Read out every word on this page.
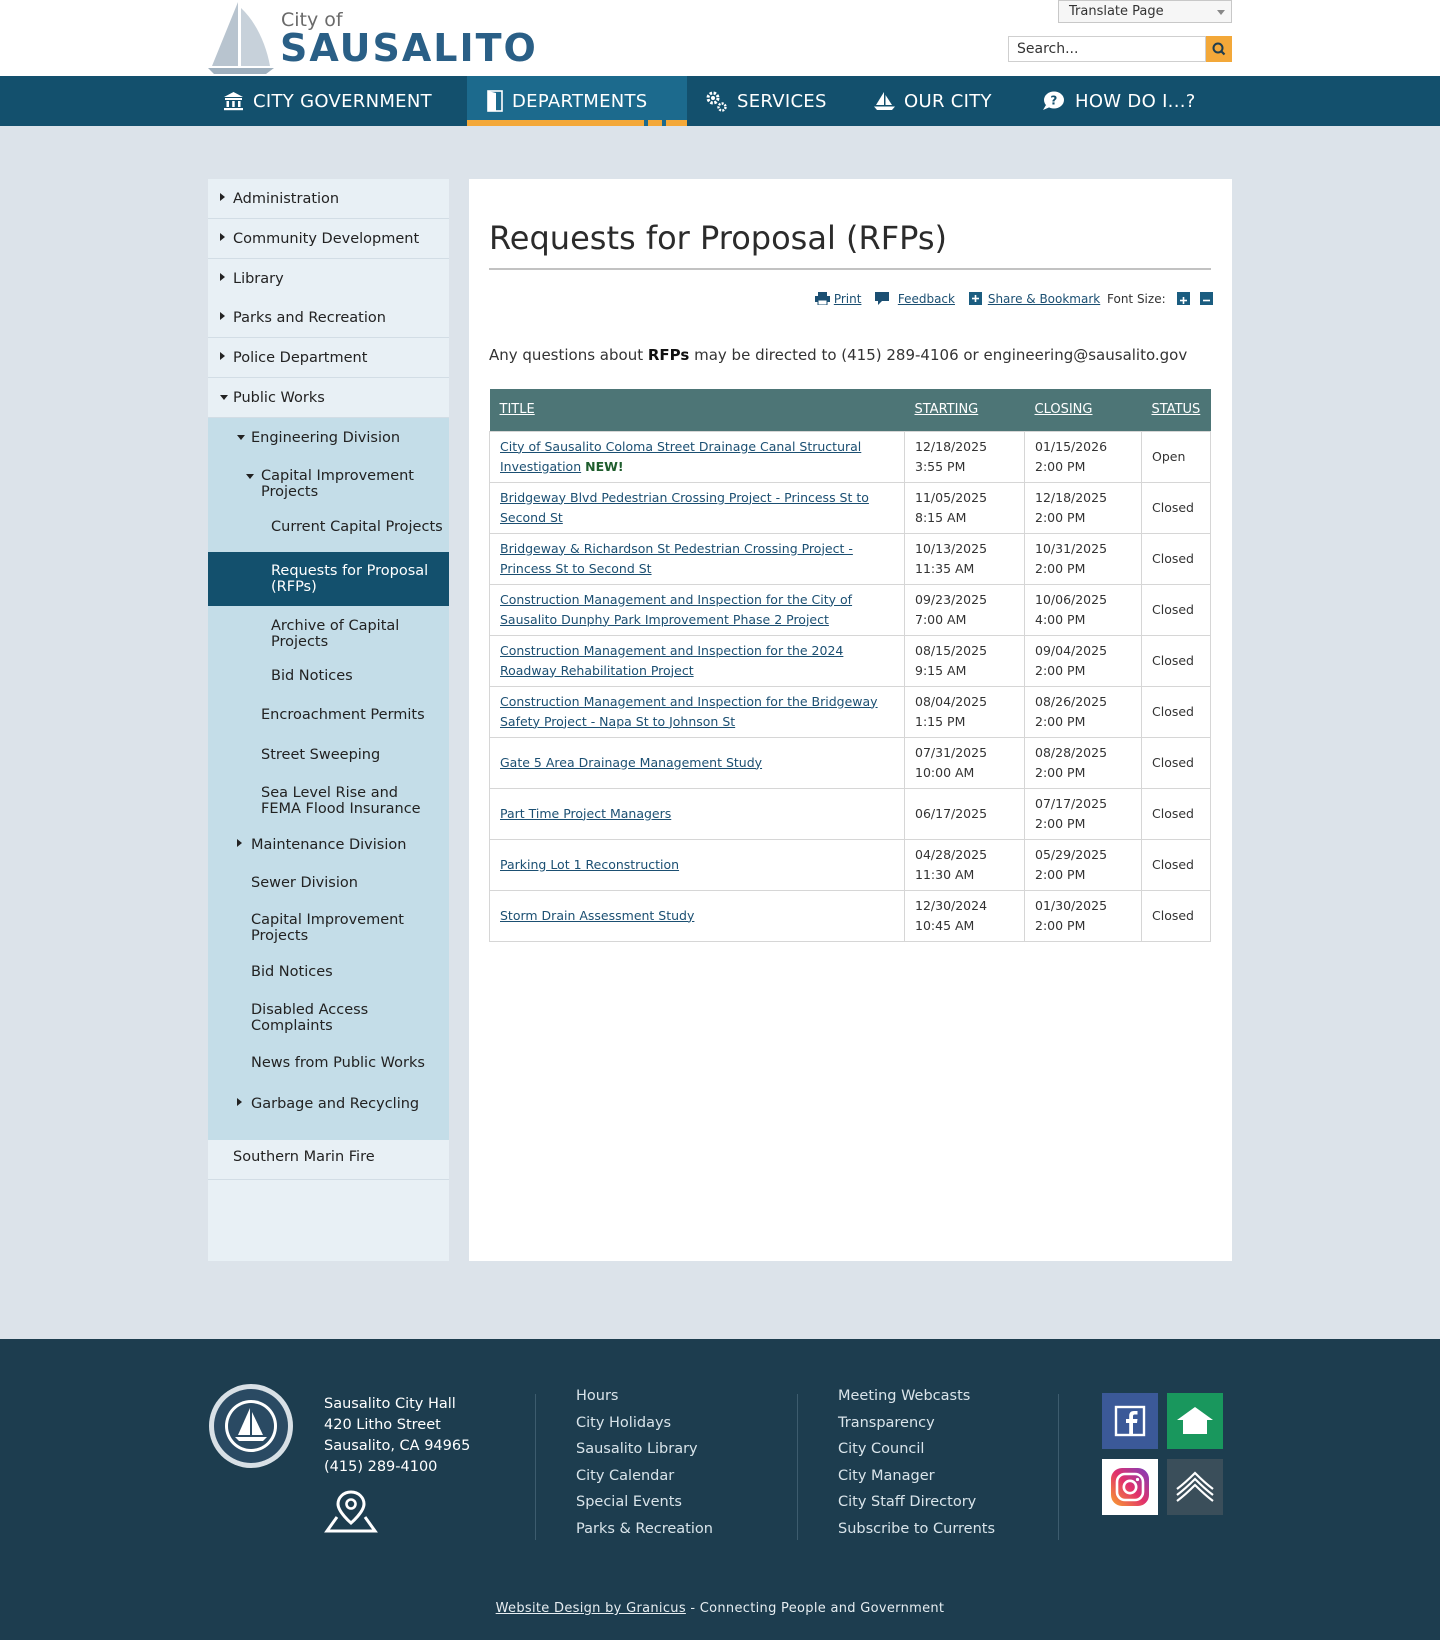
City of
SAUSALITO
Translate Page
Search...
CITY GOVERNMENT	DEPARTMENTS	SERVICES	OUR CITY	? HOW DO I...?
Administration
Community Development
Library
Parks and Recreation
Police Department
Public Works
Engineering Division
Capital Improvement Projects
Current Capital Projects
Requests for Proposal (RFPs)
Archive of Capital Projects
Bid Notices
Encroachment Permits
Street Sweeping
Sea Level Rise and FEMA Flood Insurance
Maintenance Division
Sewer Division
Capital Improvement Projects
Bid Notices
Disabled Access Complaints
News from Public Works
Garbage and Recycling
Southern Marin Fire
Requests for Proposal (RFPs)
Print	Feedback	Share & Bookmark Font Size:

Any questions about RFPs may be directed to (415) 289-4106 or engineering@sausalito.gov

TITLE	STARTING	CLOSING	STATUS
City of Sausalito Coloma Street Drainage Canal Structural Investigation NEW!	12/18/2025 3:55 PM	01/15/2026 2:00 PM	Open
Bridgeway Blvd Pedestrian Crossing Project - Princess St to Second St	11/05/2025 8:15 AM	12/18/2025 2:00 PM	Closed
Bridgeway & Richardson St Pedestrian Crossing Project - Princess St to Second St	10/13/2025 11:35 AM	10/31/2025 2:00 PM	Closed
Construction Management and Inspection for the City of Sausalito Dunphy Park Improvement Phase 2 Project	09/23/2025 7:00 AM	10/06/2025 4:00 PM	Closed
Construction Management and Inspection for the 2024 Roadway Rehabilitation Project	08/15/2025 9:15 AM	09/04/2025 2:00 PM	Closed
Construction Management and Inspection for the Bridgeway Safety Project - Napa St to Johnson St	08/04/2025 1:15 PM	08/26/2025 2:00 PM	Closed
Gate 5 Area Drainage Management Study	07/31/2025 10:00 AM	08/28/2025 2:00 PM	Closed
Part Time Project Managers	06/17/2025	07/17/2025 2:00 PM	Closed
Parking Lot 1 Reconstruction	04/28/2025 11:30 AM	05/29/2025 2:00 PM	Closed
Storm Drain Assessment Study	12/30/2024 10:45 AM	01/30/2025 2:00 PM	Closed
Sausalito City Hall
420 Litho Street
Sausalito, CA 94965
(415) 289-4100
Hours
City Holidays
Sausalito Library
City Calendar
Special Events
Parks & Recreation
Meeting Webcasts
Transparency
City Council
City Manager
City Staff Directory
Subscribe to Currents
Website Design by Granicus - Connecting People and Government
